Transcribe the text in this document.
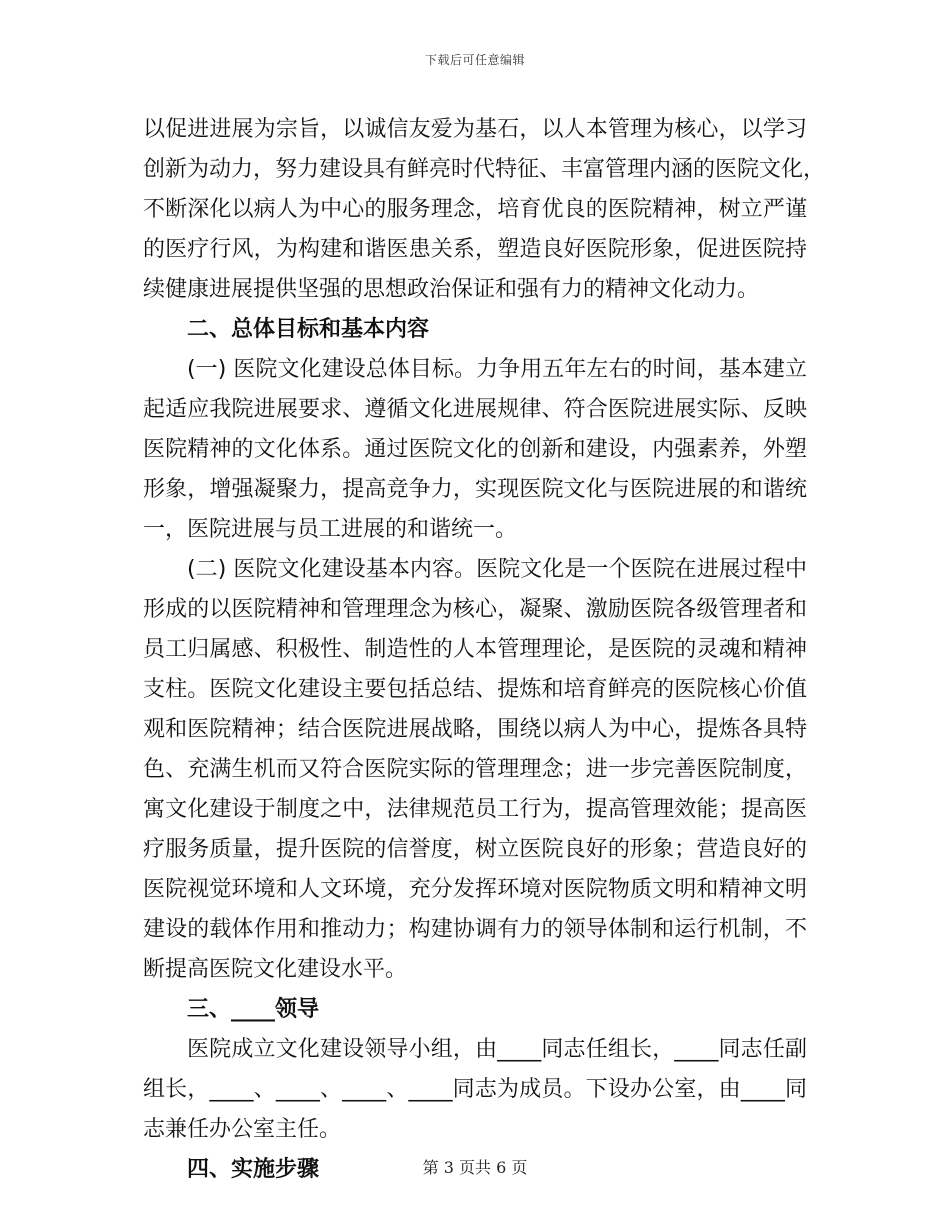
下载后可任意编辑
以促进进展为宗旨，以诚信友爱为基石，以人本管理为核心，以学习
创新为动力，努力建设具有鲜亮时代特征、丰富管理内涵的医院文化，
不断深化以病人为中心的服务理念，培育优良的医院精神，树立严谨
的医疗行风，为构建和谐医患关系，塑造良好医院形象，促进医院持
续健康进展提供坚强的思想政治保证和强有力的精神文化动力。
二、总体目标和基本内容
(一) 医院文化建设总体目标。力争用五年左右的时间，基本建立
起适应我院进展要求、遵循文化进展规律、符合医院进展实际、反映
医院精神的文化体系。通过医院文化的创新和建设，内强素养，外塑
形象，增强凝聚力，提高竞争力，实现医院文化与医院进展的和谐统
一，医院进展与员工进展的和谐统一。
(二) 医院文化建设基本内容。医院文化是一个医院在进展过程中
形成的以医院精神和管理理念为核心，凝聚、激励医院各级管理者和
员工归属感、积极性、制造性的人本管理理论，是医院的灵魂和精神
支柱。医院文化建设主要包括总结、提炼和培育鲜亮的医院核心价值
观和医院精神；结合医院进展战略，围绕以病人为中心，提炼各具特
色、充满生机而又符合医院实际的管理理念；进一步完善医院制度，
寓文化建设于制度之中，法律规范员工行为，提高管理效能；提高医
疗服务质量，提升医院的信誉度，树立医院良好的形象；营造良好的
医院视觉环境和人文环境，充分发挥环境对医院物质文明和精神文明
建设的载体作用和推动力；构建协调有力的领导体制和运行机制，不
断提高医院文化建设水平。
三、____领导
医院成立文化建设领导小组，由____同志任组长，____同志任副
组长，____、____、____、____同志为成员。下设办公室，由____同
志兼任办公室主任。
四、实施步骤	第 3 页共 6 页
